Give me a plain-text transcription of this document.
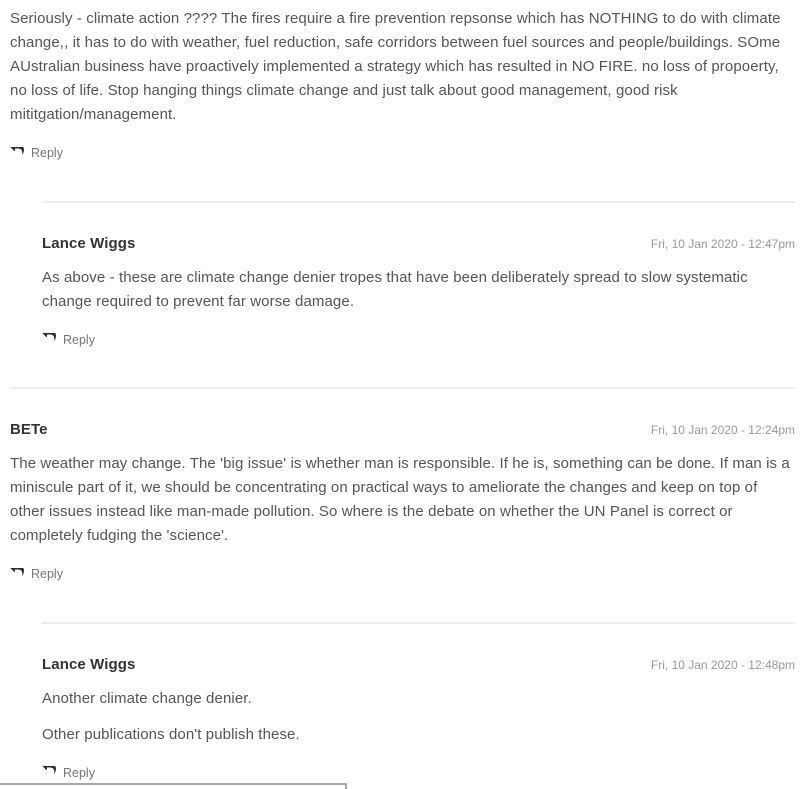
Seriously - climate action ???? The fires require a fire prevention repsonse which has NOTHING to do with climate change,, it has to do with weather, fuel reduction, safe corridors between fuel sources and people/buildings. SOme AUstralian business have proactively implemented a strategy which has resulted in NO FIRE. no loss of propoerty, no loss of life. Stop hanging things climate change and just talk about good management, good risk mititgation/management.

Reply
Lance Wiggs	Fri, 10 Jan 2020 - 12:47pm

As above - these are climate change denier tropes that have been deliberately spread to slow systematic change required to prevent far worse damage.

Reply
BETe	Fri, 10 Jan 2020 - 12:24pm

The weather may change. The 'big issue' is whether man is responsible. If he is, something can be done. If man is a miniscule part of it, we should be concentrating on practical ways to ameliorate the changes and keep on top of other issues instead like man-made pollution. So where is the debate on whether the UN Panel is correct or completely fudging the 'science'.

Reply
Lance Wiggs	Fri, 10 Jan 2020 - 12:48pm

Another climate change denier.

Other publications don't publish these.

Reply
